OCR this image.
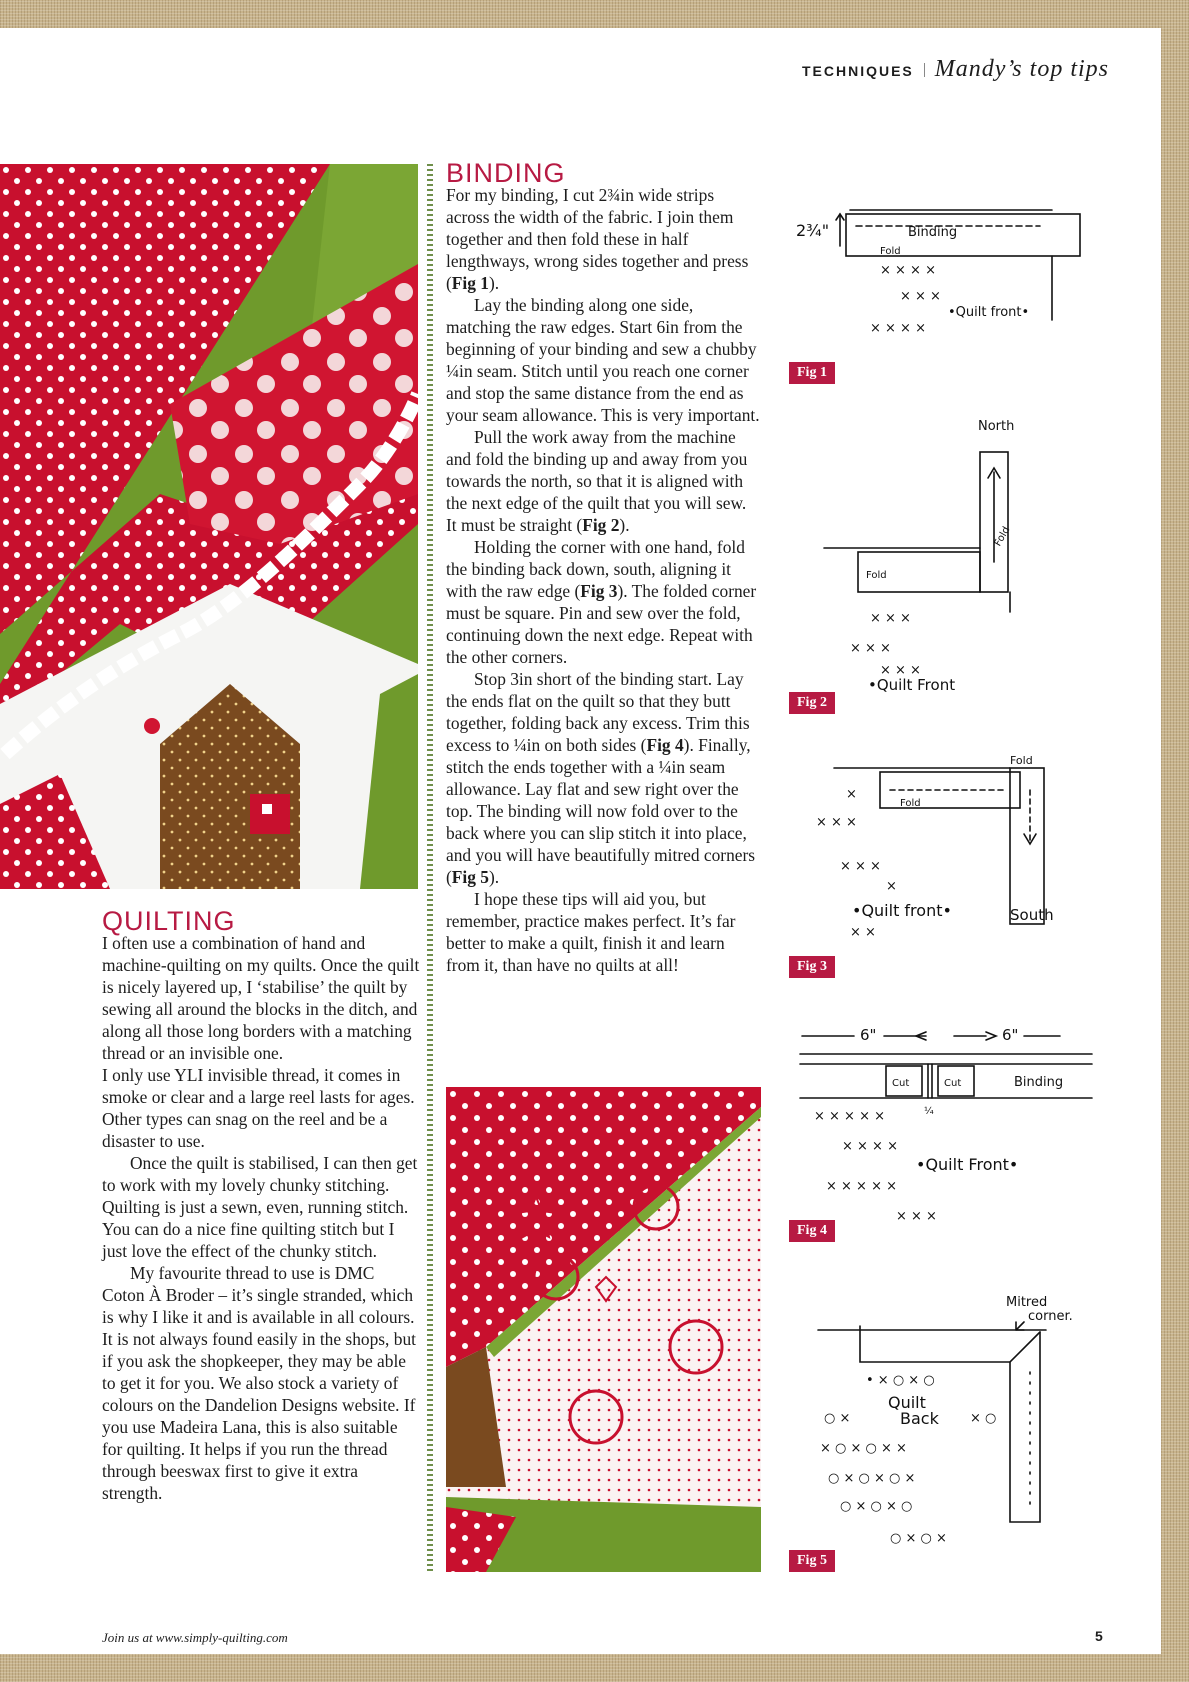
TECHNIQUES Mandy’s top tips
QUILTING

I often use a combination of hand and machine-quilting on my quilts. Once the quilt is nicely layered up, I ‘stabilise’ the quilt by sewing all around the blocks in the ditch, and along all those long borders with a matching thread or an invisible one.

I only use YLI invisible thread, it comes in smoke or clear and a large reel lasts for ages. Other types can snag on the reel and be a disaster to use.

Once the quilt is stabilised, I can then get to work with my lovely chunky stitching. Quilting is just a sewn, even, running stitch. You can do a nice fine quilting stitch but I just love the effect of the chunky stitch.

My favourite thread to use is DMC Coton À Broder – it’s single stranded, which is why I like it and is available in all colours. It is not always found easily in the shops, but if you ask the shopkeeper, they may be able to get it for you. We also stock a variety of colours on the Dandelion Designs website. If you use Madeira Lana, this is also suitable for quilting. It helps if you run the thread through beeswax first to give it extra strength.

BINDING

For my binding, I cut 2¾in wide strips across the width of the fabric. I join them together and then fold these in half lengthways, wrong sides together and press (Fig 1).

Lay the binding along one side, matching the raw edges. Start 6in from the beginning of your binding and sew a chubby ¼in seam. Stitch until you reach one corner and stop the same distance from the end as your seam allowance. This is very important.

Pull the work away from the machine and fold the binding up and away from you towards the north, so that it is aligned with the next edge of the quilt that you will sew. It must be straight (Fig 2).

Holding the corner with one hand, fold the binding back down, south, aligning it with the raw edge (Fig 3). The folded corner must be square. Pin and sew over the fold, continuing down the next edge. Repeat with the other corners.

Stop 3in short of the binding start. Lay the ends flat on the quilt so that they butt together, folding back any excess. Trim this excess to ¼in on both sides (Fig 4). Finally, stitch the ends together with a ¼in seam allowance. Lay flat and sew right over the top. The binding will now fold over to the back where you can slip stitch it into place, and you will have beautifully mitred corners (Fig 5).

I hope these tips will aid you, but remember, practice makes perfect. It’s far better to make a quilt, finish it and learn from it, than have no quilts at all!

2¾"	Binding
Fold
× × × ×
× × ×
•Quilt front•
× × × ×
Fig 1
North
Fold
Fold
× × ×
× × ×
× × ×
•Quilt Front
Fig 2
Fold
Fold
×
× × ×
× × ×
×
•Quilt front•	South
× ×
Fig 3
6"	6"
Cut	Cut
¼
Binding
× × × × ×
× × × ×
•Quilt Front•
× × × × ×
× × ×
Fig 4
Mitred
corner.
• × ○ × ○
Quilt
Back
○ ×	× ○
× ○ × ○ × ×
○ × ○ × ○ ×
○ × ○ × ○
○ × ○ ×
Fig 5
Join us at www.simply-quilting.com	5
